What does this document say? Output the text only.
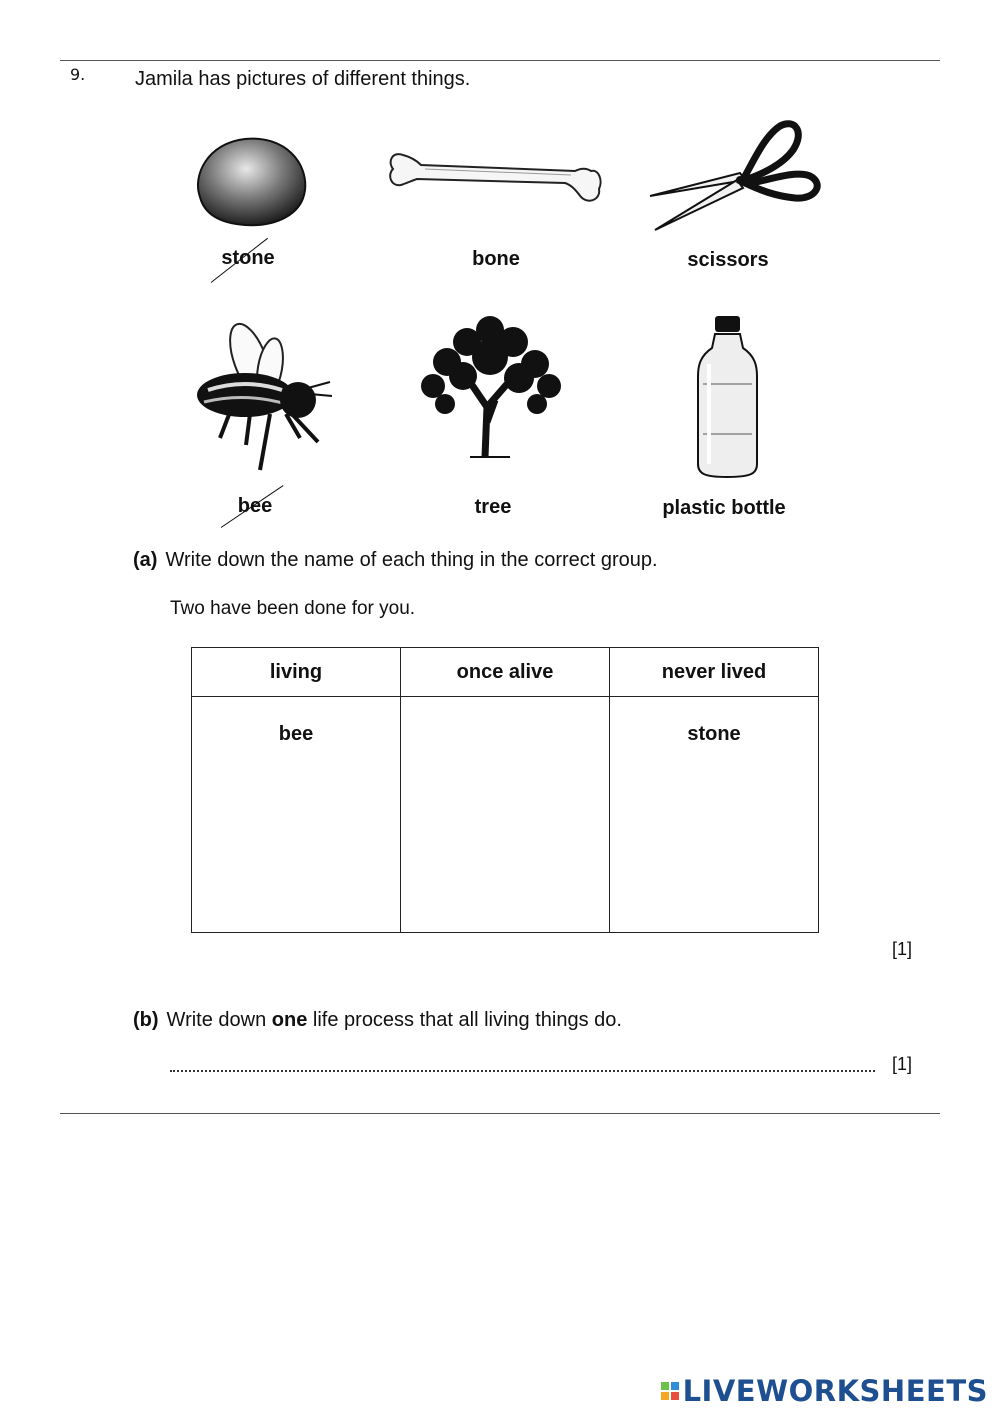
9. Jamila has pictures of different things.
stone	bone	scissors
bee	tree	plastic bottle
(a) Write down the name of each thing in the correct group.
Two have been done for you.
living	once alive	never lived
bee		stone
[1]
(b) Write down one life process that all living things do.
[1]
LIVEWORKSHEETS
